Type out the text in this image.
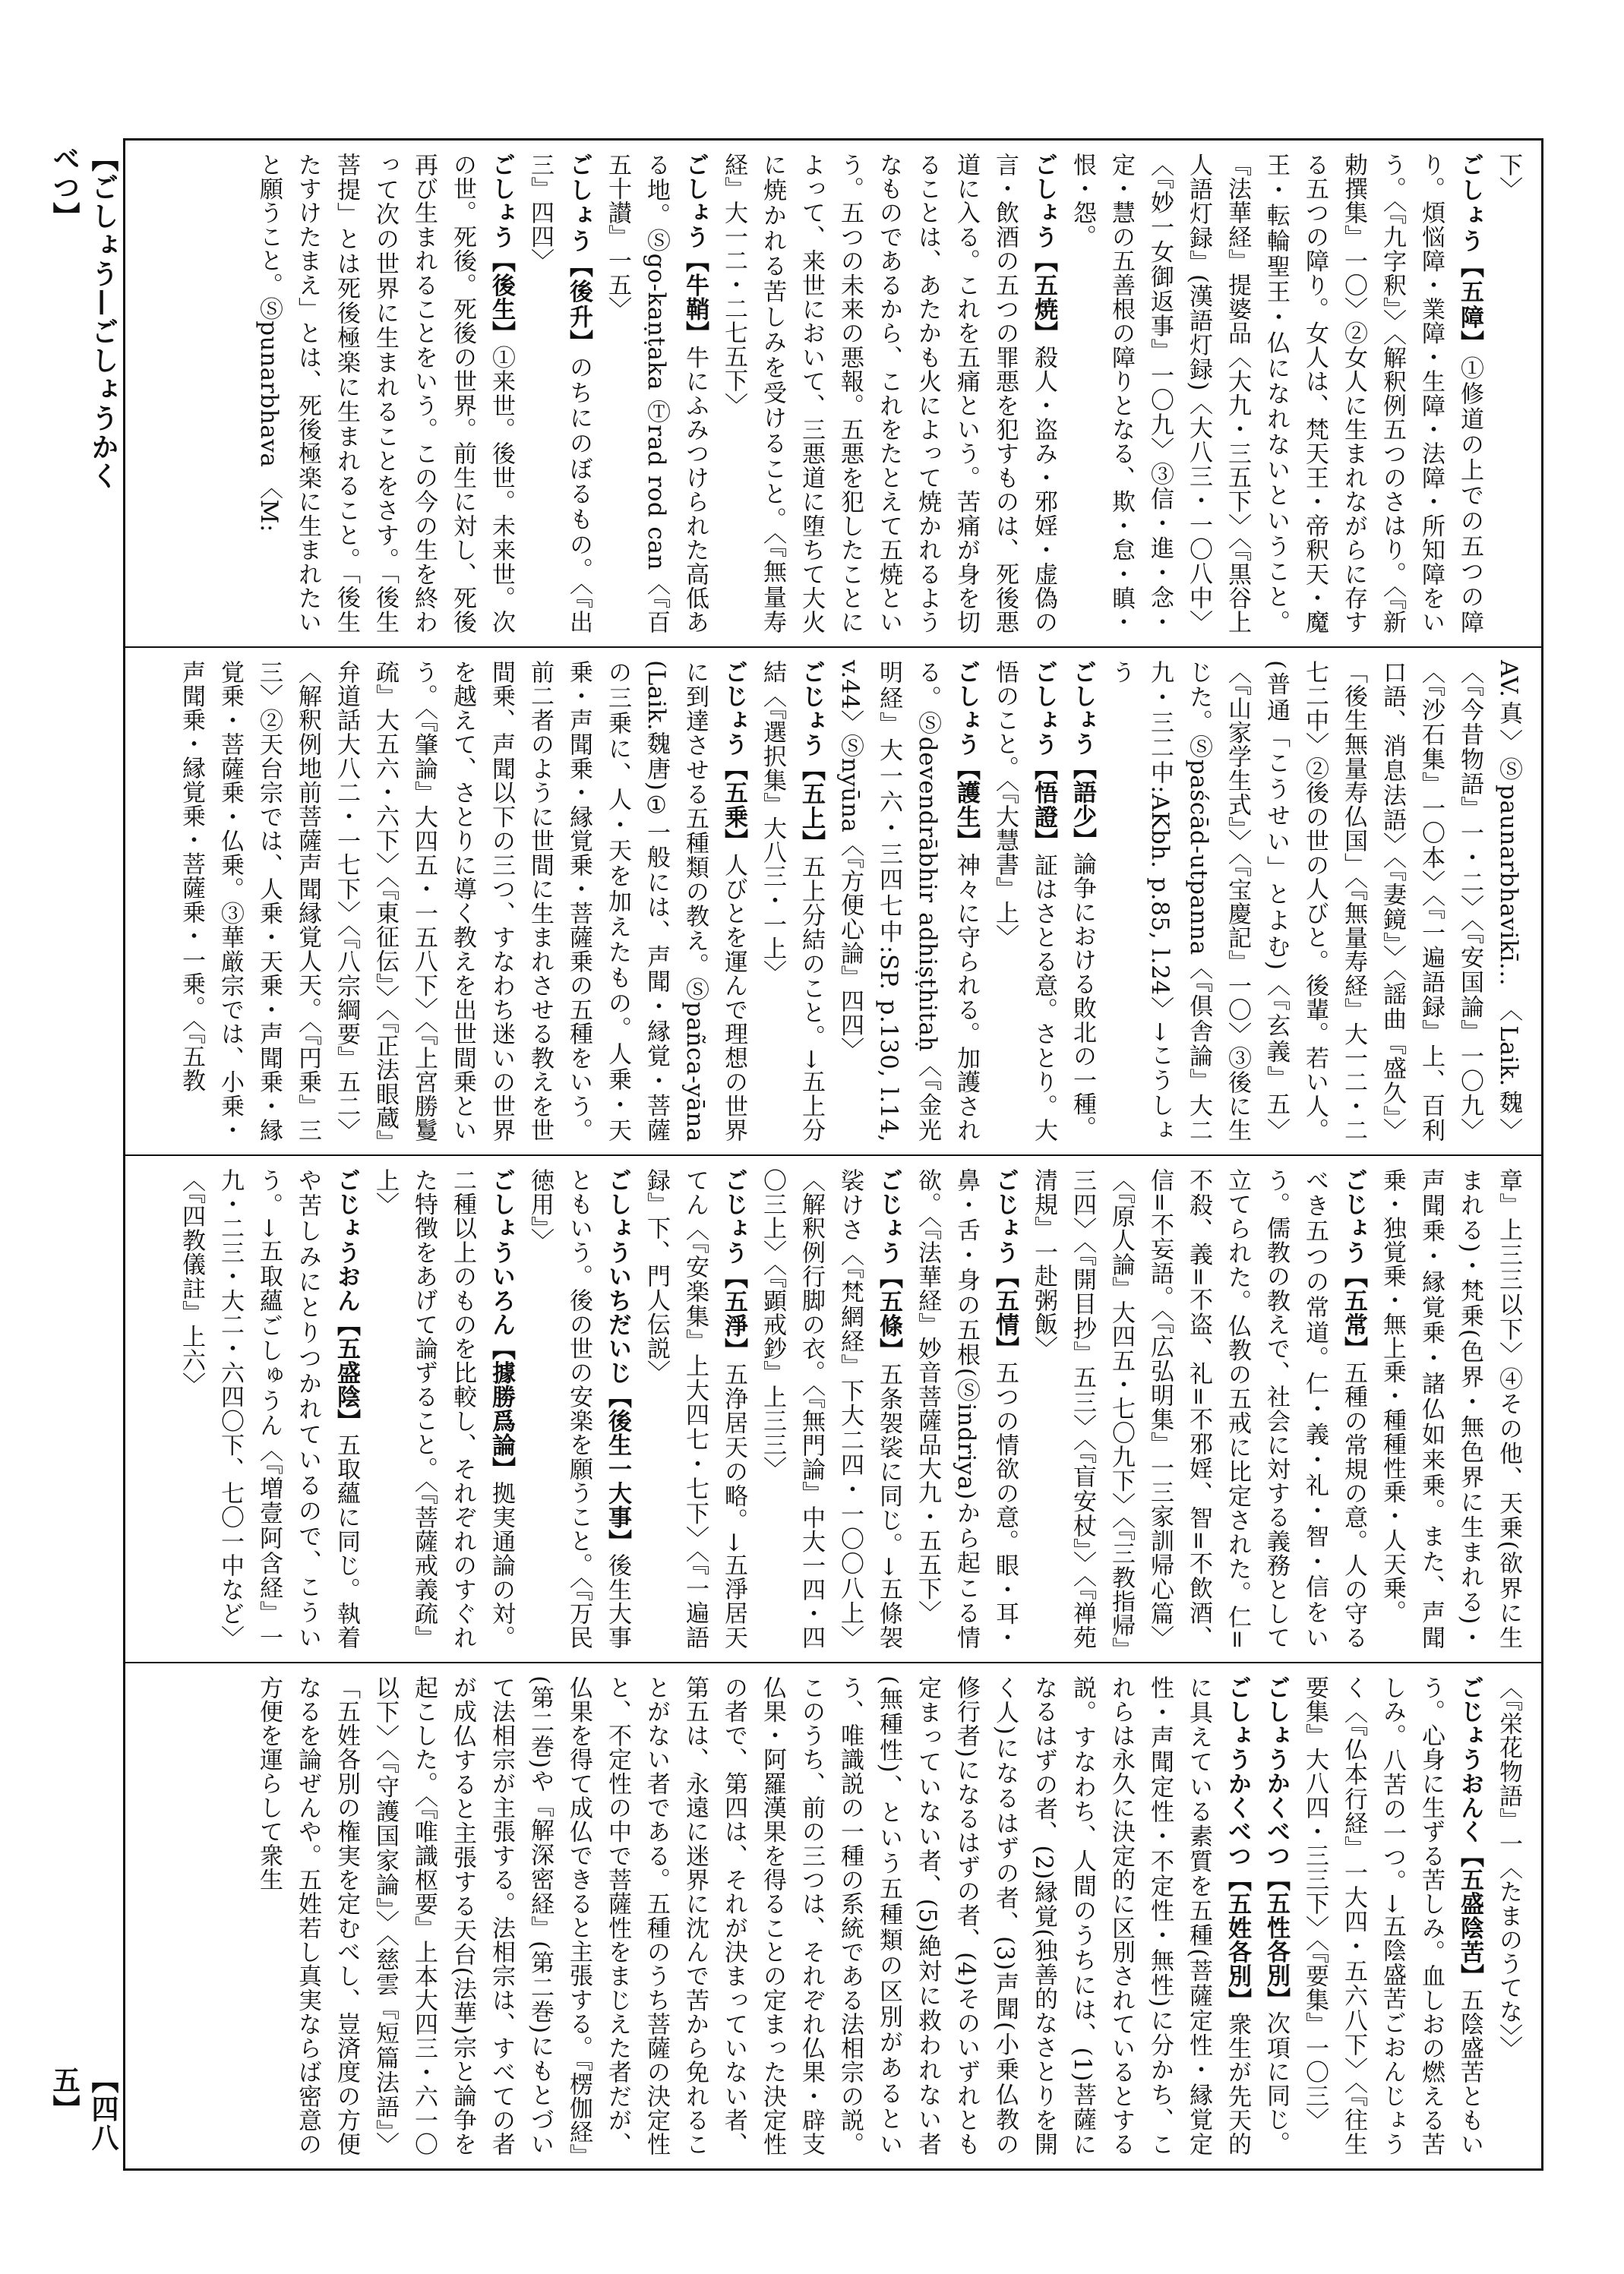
【ごしょう—ごしょうかくべつ】
【四八五】
下〉
ごしょう【五障】①修道の上での五つの障り。煩悩障・業障・生障・法障・所知障をいう。〈『九字釈』〉〈解釈例五つのさはり。〈『新勅撰集』一〇〉②女人に生まれながらに存する五つの障り。女人は、梵天王・帝釈天・魔王・転輪聖王・仏になれないということ。『法華経』提婆品〈大九・三五下〉〈『黒谷上人語灯録』(漢語灯録)〈大八三・一〇八中〉〈『妙一女御返事』一〇九〉③信・進・念・定・慧の五善根の障りとなる、欺・怠・瞋・恨・怨。
ごしょう【五焼】殺人・盗み・邪婬・虚偽の言・飲酒の五つの罪悪を犯すものは、死後悪道に入る。これを五痛という。苦痛が身を切ることは、あたかも火によって焼かれるようなものであるから、これをたとえて五焼という。五つの未来の悪報。五悪を犯したことによって、来世において、三悪道に堕ちて大火に焼かれる苦しみを受けること。〈『無量寿経』大一二・二七五下〉
ごしょう【牛鞘】牛にふみつけられた高低ある地。Ⓢgo-kaṇṭaka Ⓣrad rod can〈『百五十讃』一五〉
ごしょう【後升】のちにのぼるもの。〈『出三』四四〉
ごしょう【後生】①来世。後世。未来世。次の世。死後。死後の世界。前生に対し、死後再び生まれることをいう。この今の生を終わって次の世界に生まれることをさす。「後生菩提」とは死後極楽に生まれること。「後生たすけたまえ」とは、死後極楽に生まれたいと願うこと。Ⓢpunarbhava 〈M:
AV.真〉Ⓢpaunarbhavikī... 〈Laik.魏〉〈『今昔物語』一・二〉〈『安国論』一〇九〉〈『沙石集』一〇本〉〈『一遍語録』上、百利口語、消息法語〉〈『妻鏡』〉〈謡曲『盛久』〉「後生無量寿仏国」〈『無量寿経』大一二・二七二中〉②後の世の人びと。後輩。若い人。(普通「こうせい」とよむ)〈『玄義』五〉〈『山家学生式』〉〈『宝慶記』一〇〉③後に生じた。Ⓢpaścād-utpanna〈『倶舎論』大二九・三二中:AKbh. p.85, l.24〉→こうしょう
ごしょう【語少】論争における敗北の一種。
ごしょう【悟證】証はさとる意。さとり。大悟のこと。〈『大慧書』上〉
ごしょう【護生】神々に守られる。加護される。Ⓢdevendrābhir adhiṣṭhitaḥ〈『金光明経』大一六・三四七中:SP. p.130, l.14, v.44〉Ⓢnyūna〈『方便心論』四四〉
ごじょう【五上】五上分結のこと。→五上分結〈『選択集』大八三・一上〉
ごじょう【五乗】人びとを運んで理想の世界に到達させる五種類の教え。Ⓢpañca-yāna (Laik.魏唐)①一般には、声聞・縁覚・菩薩の三乗に、人・天を加えたもの。人乗・天乗・声聞乗・縁覚乗・菩薩乗の五種をいう。前二者のように世間に生まれさせる教えを世間乗、声聞以下の三つ、すなわち迷いの世界を越えて、さとりに導く教えを出世間乗という。〈『肇論』大四五・一五八下〉〈『上宮勝鬘疏』大五六・六下〉〈『東征伝』〉〈『正法眼蔵』弁道話大八二・一七下〉〈『八宗綱要』五二〉〈解釈例地前菩薩声聞縁覚人天。〈『円乗』三三〉②天台宗では、人乗・天乗・声聞乗・縁覚乗・菩薩乗・仏乗。③華厳宗では、小乗・声聞乗・縁覚乗・菩薩乗・一乗。〈『五教
章』上三三以下〉④その他、天乗(欲界に生まれる)・梵乗(色界・無色界に生まれる)・声聞乗・縁覚乗・諸仏如来乗。また、声聞乗・独覚乗・無上乗・種種性乗・人天乗。
ごじょう【五常】五種の常規の意。人の守るべき五つの常道。仁・義・礼・智・信をいう。儒教の教えで、社会に対する義務として立てられた。仏教の五戒に比定された。仁=不殺、義=不盗、礼=不邪婬、智=不飲酒、信=不妄語。〈『広弘明集』一三家訓帰心篇〉〈『原人論』大四五・七〇九下〉〈『三教指帰』三四〉〈『開目抄』五三〉〈『盲安杖』〉〈『禅苑清規』一赴粥飯〉
ごじょう【五情】五つの情欲の意。眼・耳・鼻・舌・身の五根(Ⓢindriya)から起こる情欲。〈『法華経』妙音菩薩品大九・五五下〉
ごじょう【五條】五条袈裟に同じ。→五條袈裟けさ〈『梵網経』下大二四・一〇〇八上〉〈解釈例行脚の衣。〈『無門論』中大一四・四〇三上〉〈『顕戒鈔』上三三〉
ごじょう【五淨】五浄居天の略。→五淨居天てん〈『安楽集』上大四七・七下〉〈『一遍語録』下、門人伝説〉
ごしょういちだいじ【後生一大事】後生大事ともいう。後の世の安楽を願うこと。〈『万民徳用』〉
ごしょういろん【據勝爲論】拠実通論の対。二種以上のものを比較し、それぞれのすぐれた特徴をあげて論ずること。〈『菩薩戒義疏』上〉
ごじょうおん【五盛陰】五取蘊に同じ。執着や苦しみにとりつかれているので、こういう。→五取蘊ごしゅうん〈『増壹阿含経』一九・二三・大二・六四〇下、七〇一中など〉〈『四教儀註』上六〉
〈『栄花物語』一〈たまのうてな〉〉
ごじょうおんく【五盛陰苦】五陰盛苦ともいう。心身に生ずる苦しみ。血しおの燃える苦しみ。八苦の一つ。→五陰盛苦ごおんじょうく〈『仏本行経』一大四・五六八下〉〈『往生要集』大八四・三三下〉〈『要集』一〇三〉
ごしょうかくべつ【五性各別】次項に同じ。
ごしょうかくべつ【五姓各別】衆生が先天的に具えている素質を五種(菩薩定性・縁覚定性・声聞定性・不定性・無性)に分かち、これらは永久に決定的に区別されているとする説。すなわち、人間のうちには、(1)菩薩になるはずの者、(2)縁覚(独善的なさとりを開く人)になるはずの者、(3)声聞(小乗仏教の修行者)になるはずの者、(4)そのいずれとも定まっていない者、(5)絶対に救われない者(無種性)、という五種類の区別があるという、唯識説の一種の系統である法相宗の説。このうち、前の三つは、それぞれ仏果・辟支仏果・阿羅漢果を得ることの定まった決定性の者で、第四は、それが決まっていない者、第五は、永遠に迷界に沈んで苦から免れることがない者である。五種のうち菩薩の決定性と、不定性の中で菩薩性をまじえた者だが、仏果を得て成仏できると主張する。『楞伽経』(第二巻)や『解深密経』(第二巻)にもとづいて法相宗が主張する。法相宗は、すべての者が成仏すると主張する天台(法華)宗と論争を起こした。〈『唯識枢要』上本大四三・六一〇以下〉〈『守護国家論』〉〈慈雲『短篇法語』〉「五姓各別の権実を定むべし、豈済度の方便なるを論ぜんや。五姓若し真実ならば密意の方便を運らして衆生
